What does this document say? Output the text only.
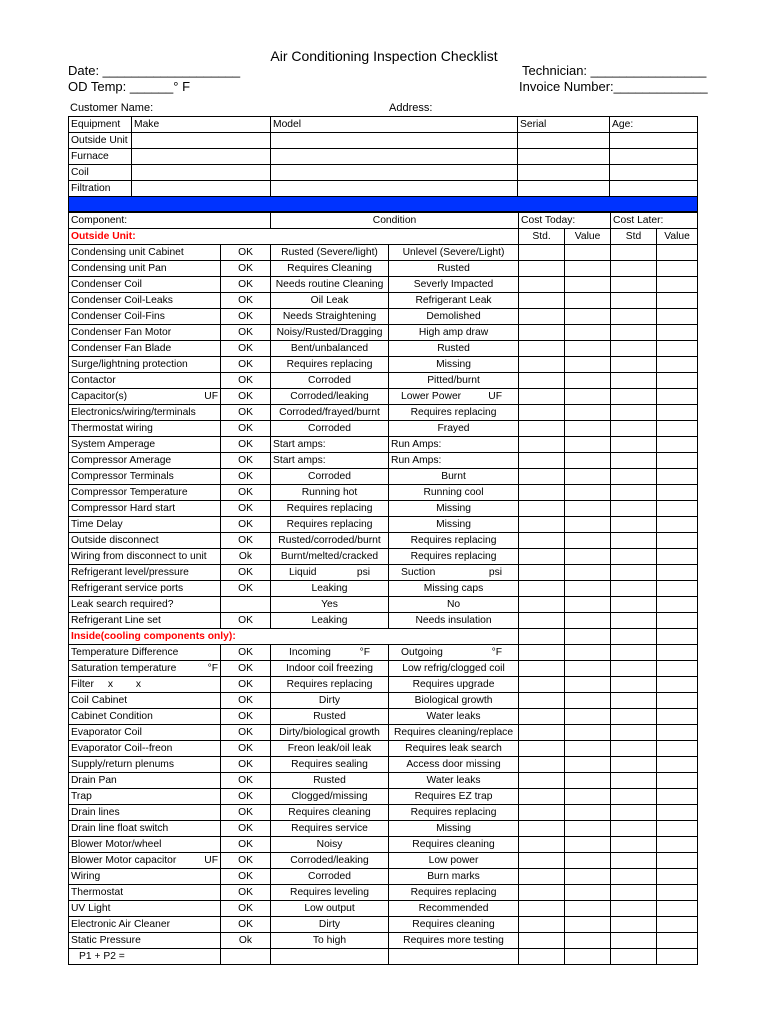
Air Conditioning Inspection Checklist
Date: ___________________
OD Temp: ______° F
Technician: ________________
Invoice Number:_____________
Customer Name:	Address:
Equipment	Make	Model	Serial	Age:
Outside Unit				
Furnace				
Coil				
Filtration				

Component:		Condition		Cost Today:		Cost Later:	
Outside Unit:				Std.	Value	Std	Value
Condensing unit Cabinet	OK	Rusted (Severe/light)	Unlevel (Severe/Light)				
Condensing unit Pan	OK	Requires Cleaning	Rusted				
Condenser Coil	OK	Needs routine Cleaning	Severly Impacted				
Condenser Coil-Leaks	OK	Oil Leak	Refrigerant Leak				
Condenser Coil-Fins	OK	Needs Straightening	Demolished				
Condenser Fan Motor	OK	Noisy/Rusted/Dragging	High amp draw				
Condenser Fan Blade	OK	Bent/unbalanced	Rusted				
Surge/lightning protection	OK	Requires replacing	Missing				
Contactor	OK	Corroded	Pitted/burnt				
Capacitor(s) UF	OK	Corroded/leaking	Lower Power UF				

Electronics/wiring/terminals	OK	Corroded/frayed/burnt	Requires replacing				
Thermostat wiring	OK	Corroded	Frayed				
System Amperage	OK	Start amps:	Run Amps:				
Compressor Amerage	OK	Start amps:	Run Amps:				
Compressor Terminals	OK	Corroded	Burnt				
Compressor Temperature	OK	Running hot	Running cool				
Compressor Hard start	OK	Requires replacing	Missing				
Time Delay	OK	Requires replacing	Missing				
Outside disconnect	OK	Rusted/corroded/burnt	Requires replacing				
Wiring from disconnect to unit	Ok	Burnt/melted/cracked	Requires replacing				
Refrigerant level/pressure	OK	Liquid psi	Suction psi				

Refrigerant service ports	OK	Leaking	Missing caps				
Leak search required?		Yes	No				
Refrigerant Line set	OK	Leaking	Needs insulation				
Inside(cooling components only):							
Temperature Difference	OK	Incoming °F	Outgoing °F				

Saturation temperature °F	OK	Indoor coil freezing	Low refrig/clogged coil				
Filter x        x	OK	Requires replacing	Requires upgrade				
Coil Cabinet	OK	Dirty	Biological growth				
Cabinet Condition	OK	Rusted	Water leaks				
Evaporator Coil	OK	Dirty/biological growth	Requires cleaning/replace				
Evaporator Coil--freon	OK	Freon leak/oil leak	Requires leak search				
Supply/return plenums	OK	Requires sealing	Access door missing				
Drain Pan	OK	Rusted	Water leaks				
Trap	OK	Clogged/missing	Requires EZ trap				
Drain lines	OK	Requires cleaning	Requires replacing				
Drain line float switch	OK	Requires service	Missing				
Blower Motor/wheel	OK	Noisy	Requires cleaning				
Blower Motor capacitor UF	OK	Corroded/leaking	Low power				
Wiring	OK	Corroded	Burn marks				
Thermostat	OK	Requires leveling	Requires replacing				
UV Light	OK	Low output	Recommended				
Electronic Air Cleaner	OK	Dirty	Requires cleaning				
Static Pressure	Ok	To high	Requires more testing				
P1 + P2 =							
